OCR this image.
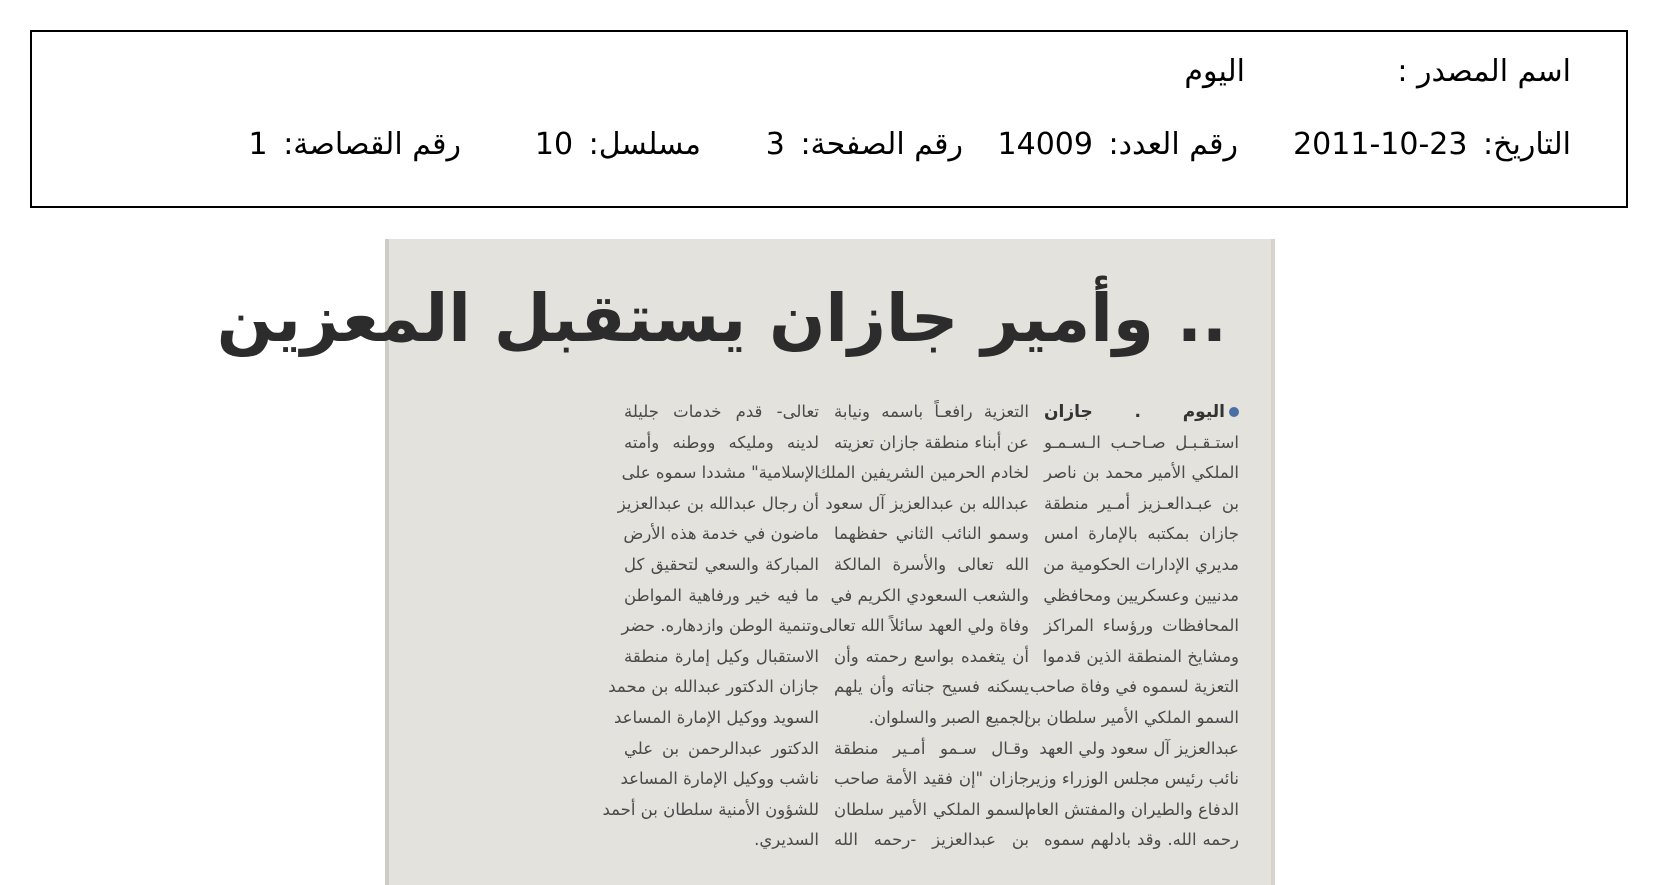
اسم المصدر :
اليوم
التاريخ: 23-10-2011
رقم العدد: 14009
رقم الصفحة: 3
مسلسل: 10
رقم القصاصة: 1
.. وأمير جازان يستقبل المعزين
اليوم . جازان
استـقـبـل صـاحـب الـسـمـو
الملكي الأمير محمد بن ناصر
بن عبـدالعـزيز أمـير منطقة
جازان بمكتبه بالإمارة امس
مديري الإدارات الحكومية من
مدنيين وعسكريين ومحافظي
المحافظات ورؤساء المراكز
ومشايخ المنطقة الذين قدموا
التعزية لسموه في وفاة صاحب
السمو الملكي الأمير سلطان بن
عبدالعزيز آل سعود ولي العهد
نائب رئيس مجلس الوزراء وزير
الدفاع والطيران والمفتش العام
رحمه الله. وقد بادلهم سموه
التعزية رافعـاً باسمه ونيابة
عن أبناء منطقة جازان تعزيته
لخادم الحرمين الشريفين الملك
عبدالله بن عبدالعزيز آل سعود
وسمو النائب الثاني حفظهما
الله تعالى والأسرة المالكة
والشعب السعودي الكريم في
وفاة ولي العهد سائلاً الله تعالى
أن يتغمده بواسع رحمته وأن
يسكنه فسيح جناته وأن يلهم
الجميع الصبر والسلوان.
وقـال سـمو أمـير منطقة
جازان "إن فقيد الأمة صاحب
السمو الملكي الأمير سلطان
بن عبدالعزيز -رحمه الله
تعالى- قدم خدمات جليلة
لدينه ومليكه ووطنه وأمته
الإسلامية" مشددا سموه على
أن رجال عبدالله بن عبدالعزيز
ماضون في خدمة هذه الأرض
المباركة والسعي لتحقيق كل
ما فيه خير ورفاهية المواطن
وتنمية الوطن وازدهاره. حضر
الاستقبال وكيل إمارة منطقة
جازان الدكتور عبدالله بن محمد
السويد ووكيل الإمارة المساعد
الدكتور عبدالرحمن بن علي
ناشب ووكيل الإمارة المساعد
للشؤون الأمنية سلطان بن أحمد
السديري.
